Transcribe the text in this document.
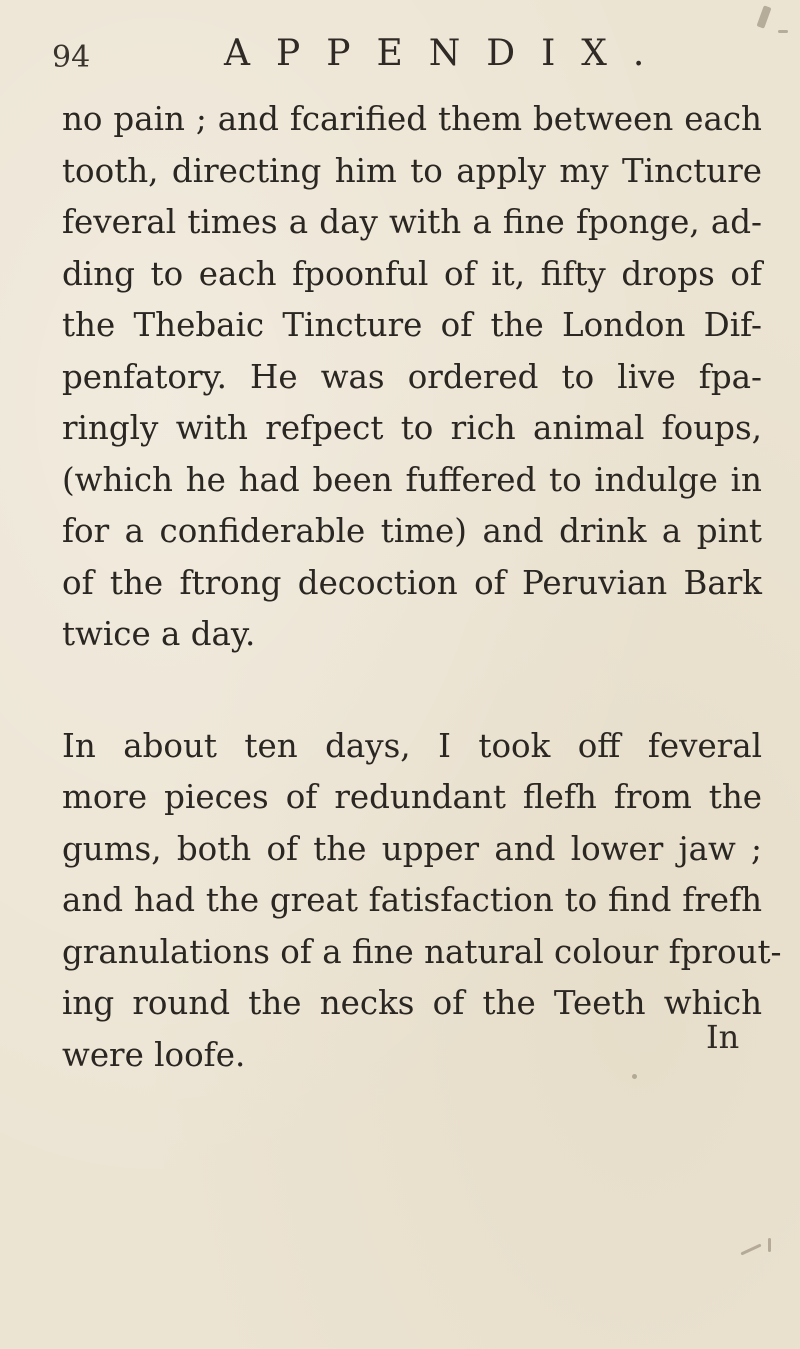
94	APPENDIX.

no pain ; and fcarified them between each
tooth, directing him to apply my Tincture
feveral times a day with a fine fponge, ad-
ding to each fpoonful of it, fifty drops of
the Thebaic Tincture of the London Dif-
penfatory. He was ordered to live fpa-
ringly with refpect to rich animal foups,
(which he had been fuffered to indulge in
for a confiderable time) and drink a pint
of the ftrong decoction of Peruvian Bark
twice a day.

In about ten days, I took off feveral
more pieces of redundant flefh from the
gums, both of the upper and lower jaw ;
and had the great fatisfaction to find frefh
granulations of a fine natural colour fprout-
ing round the necks of the Teeth which
were loofe.	In
